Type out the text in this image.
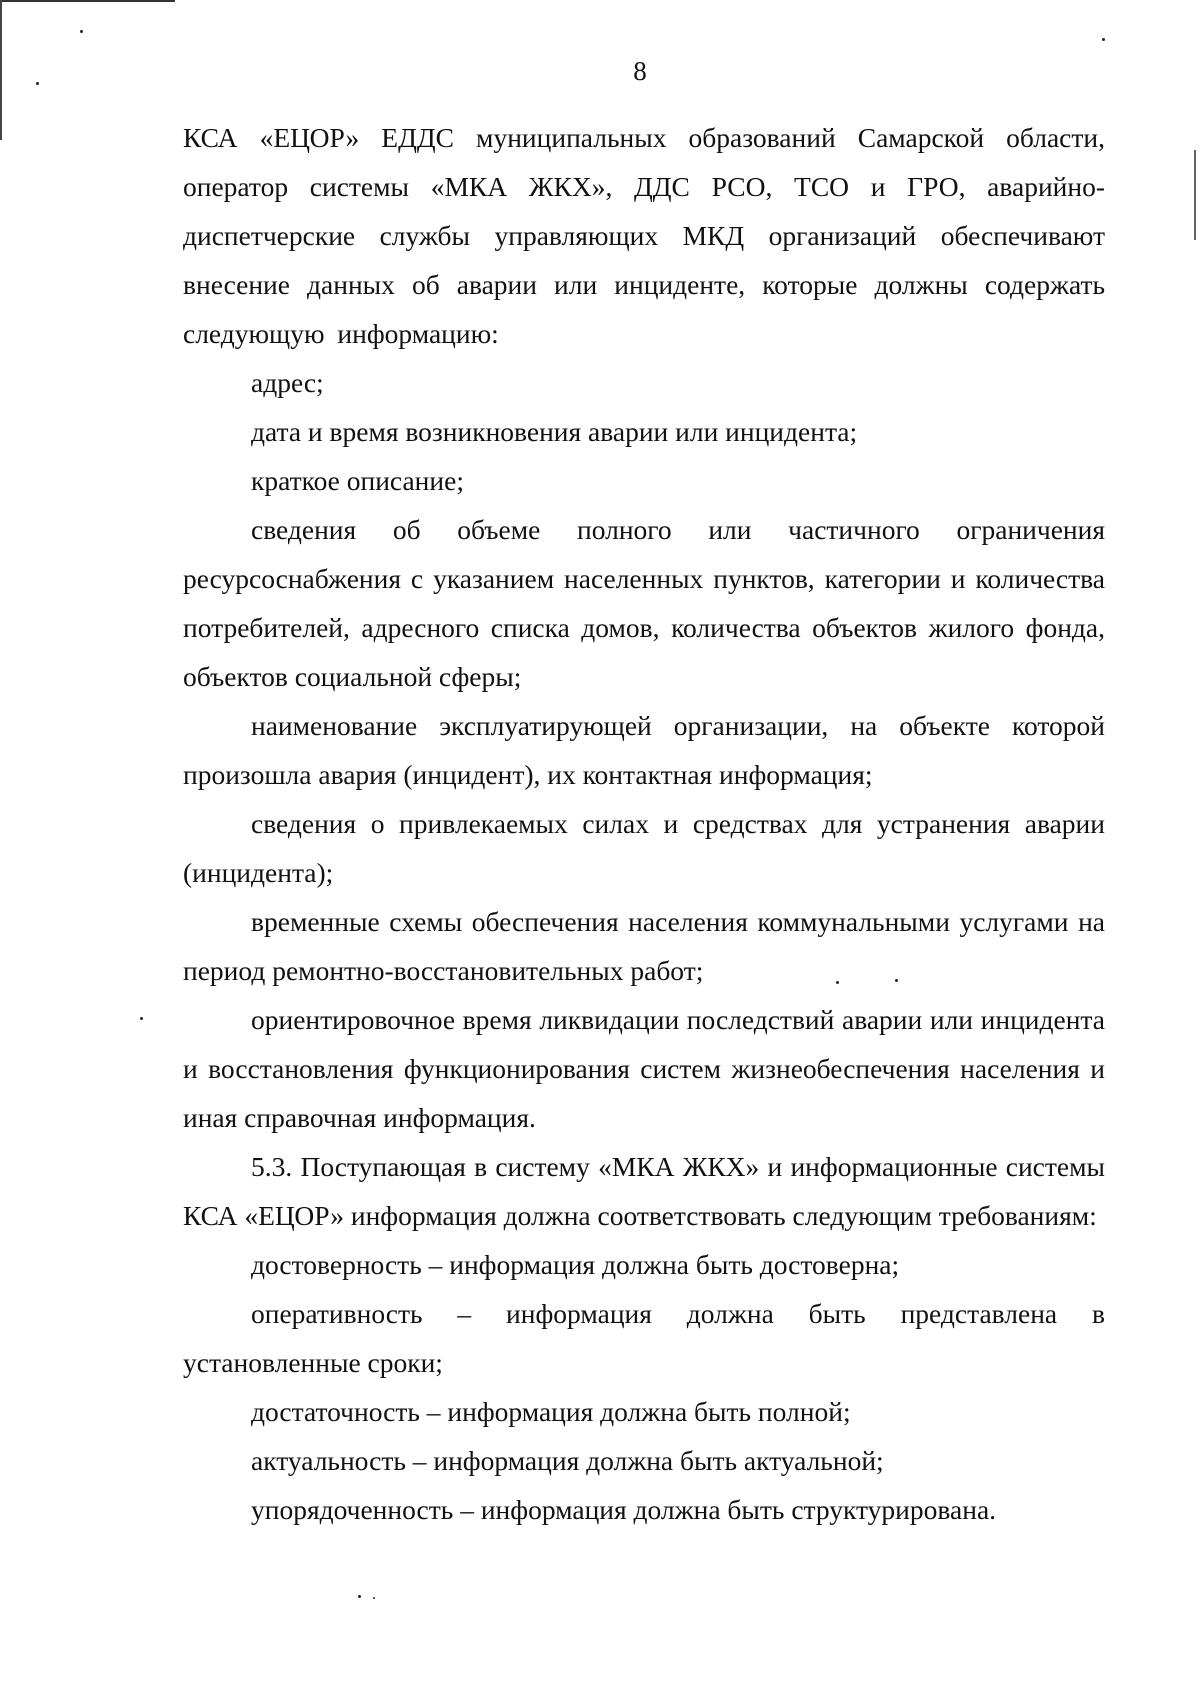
8

КСА «ЕЦОР» ЕДДС муниципальных образований Самарской области, оператор системы «МКА ЖКХ», ДДС РСО, ТСО и ГРО, аварийно-диспетчерские службы управляющих МКД организаций обеспечивают внесение данных об аварии или инциденте, которые должны содержать следующую информацию:

адрес;

дата и время возникновения аварии или инцидента;

краткое описание;

сведения об объеме полного или частичного ограничения ресурсоснабжения с указанием населенных пунктов, категории и количества потребителей, адресного списка домов, количества объектов жилого фонда, объектов социальной сферы;

наименование эксплуатирующей организации, на объекте которой произошла авария (инцидент), их контактная информация;

сведения о привлекаемых силах и средствах для устранения аварии (инцидента);

временные схемы обеспечения населения коммунальными услугами на период ремонтно-восстановительных работ;

ориентировочное время ликвидации последствий аварии или инцидента и восстановления функционирования систем жизнеобеспечения населения и иная справочная информация.

5.3. Поступающая в систему «МКА ЖКХ» и информационные системы КСА «ЕЦОР» информация должна соответствовать следующим требованиям:

достоверность – информация должна быть достоверна;

оперативность – информация должна быть представлена в установленные сроки;

достаточность – информация должна быть полной;

актуальность – информация должна быть актуальной;

упорядоченность – информация должна быть структурирована.
